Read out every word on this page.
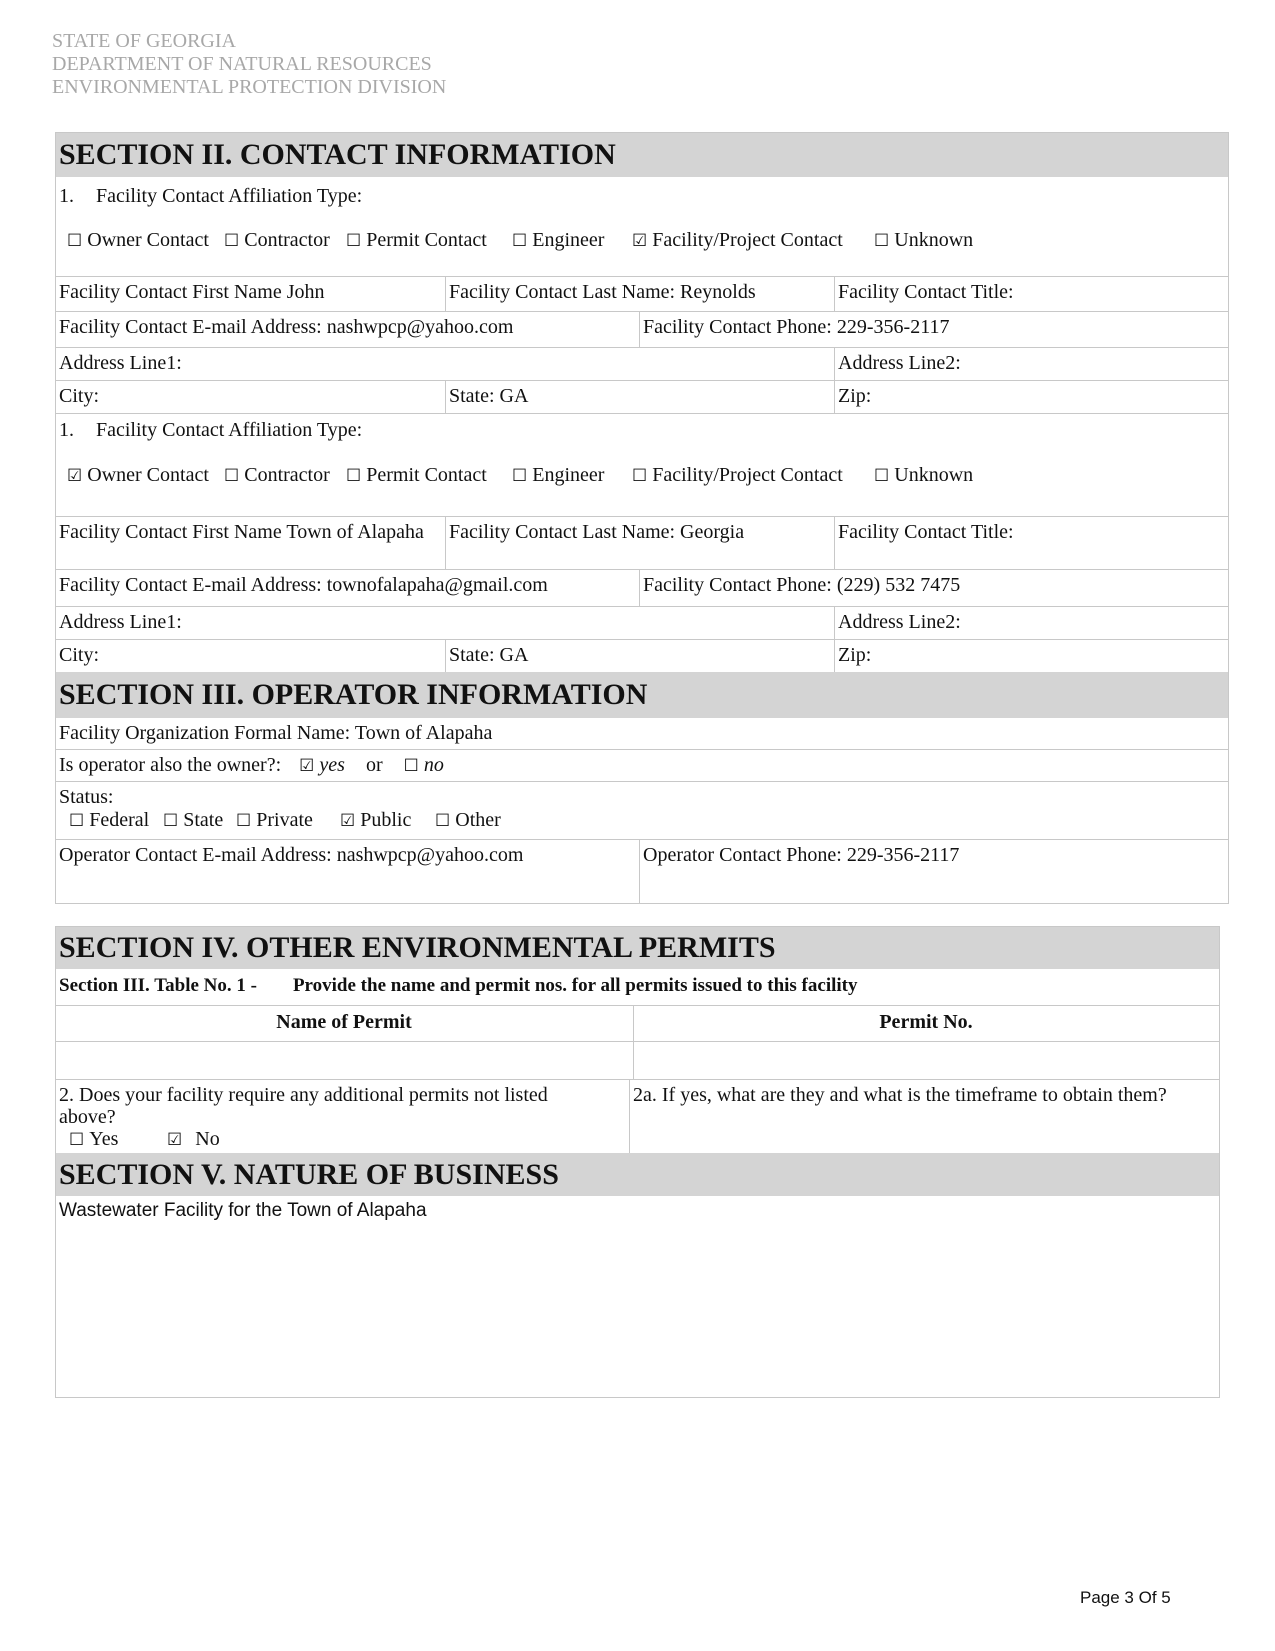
STATE OF GEORGIA
DEPARTMENT OF NATURAL RESOURCES
ENVIRONMENTAL PROTECTION DIVISION
SECTION II. CONTACT INFORMATION
1. Facility Contact Affiliation Type:
☐ Owner Contact ☐ Contractor ☐ Permit Contact ☐ Engineer ☑ Facility/Project Contact ☐ Unknown
Facility Contact First Name John	Facility Contact Last Name: Reynolds	Facility Contact Title:
Facility Contact E-mail Address: nashwpcp@yahoo.com	Facility Contact Phone: 229-356-2117
Address Line1:	Address Line2:
City:	State: GA	Zip:
1. Facility Contact Affiliation Type:
☑ Owner Contact ☐ Contractor ☐ Permit Contact ☐ Engineer ☐ Facility/Project Contact ☐ Unknown
Facility Contact First Name Town of Alapaha	Facility Contact Last Name: Georgia	Facility Contact Title:
Facility Contact E-mail Address: townofalapaha@gmail.com	Facility Contact Phone: (229) 532 7475
Address Line1:	Address Line2:
City:	State: GA	Zip:
SECTION III. OPERATOR INFORMATION
Facility Organization Formal Name: Town of Alapaha
Is operator also the owner?: ☑ yes or ☐ no
Status:
☐ Federal ☐ State ☐ Private ☑ Public ☐ Other
Operator Contact E-mail Address: nashwpcp@yahoo.com	Operator Contact Phone: 229-356-2117
SECTION IV. OTHER ENVIRONMENTAL PERMITS
Section III. Table No. 1 - Provide the name and permit nos. for all permits issued to this facility
Name of Permit	Permit No.
2. Does your facility require any additional permits not listed above?
☐ Yes	☑ No
2a. If yes, what are they and what is the timeframe to obtain them?
SECTION V. NATURE OF BUSINESS
Wastewater Facility for the Town of Alapaha
Page 3 Of 5
